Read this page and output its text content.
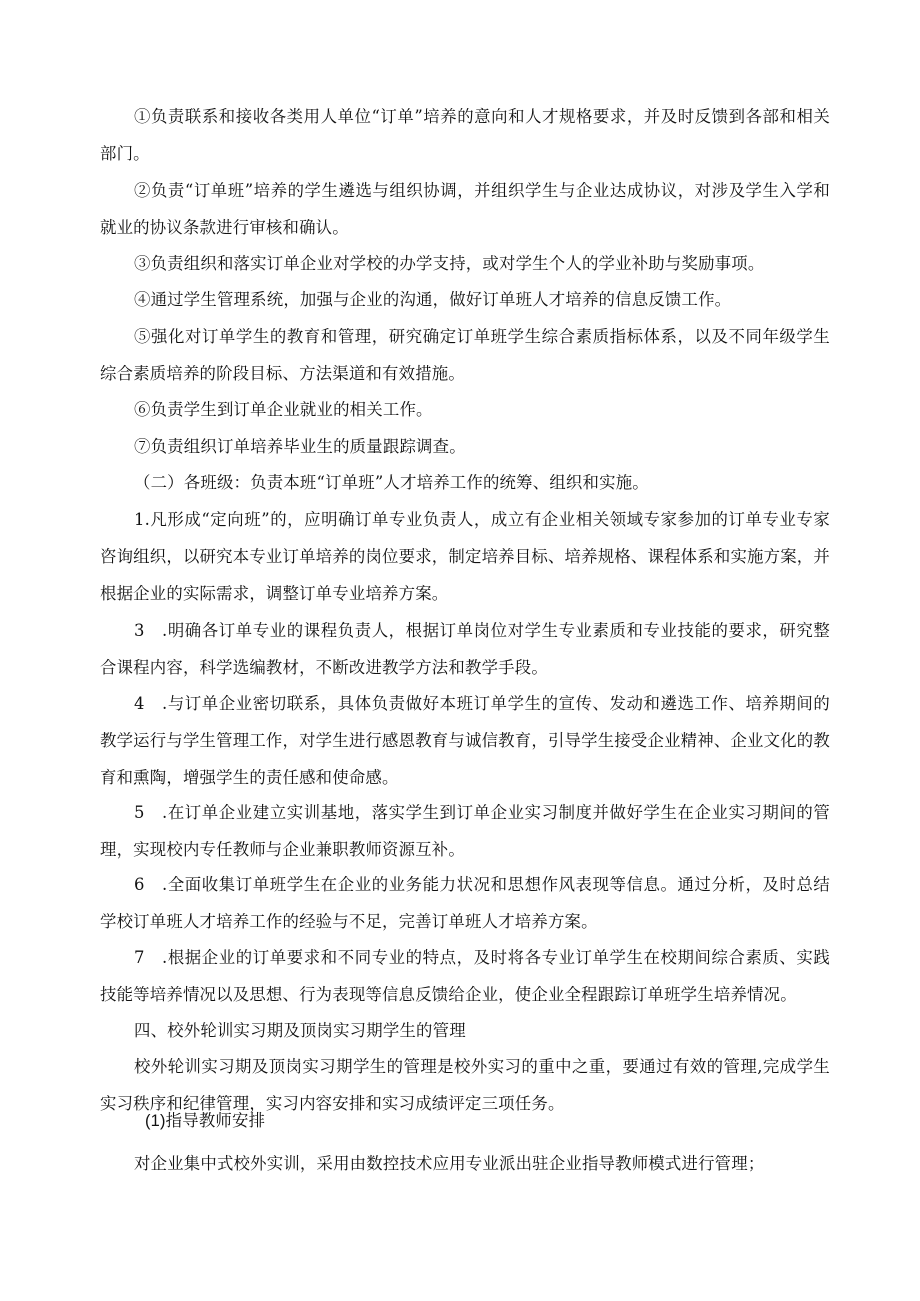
①负责联系和接收各类用人单位“订单”培养的意向和人才规格要求，并及时反馈到各部和相关部门。

②负责“订单班”培养的学生遴选与组织协调，并组织学生与企业达成协议，对涉及学生入学和就业的协议条款进行审核和确认。

③负责组织和落实订单企业对学校的办学支持，或对学生个人的学业补助与奖励事项。

④通过学生管理系统，加强与企业的沟通，做好订单班人才培养的信息反馈工作。

⑤强化对订单学生的教育和管理，研究确定订单班学生综合素质指标体系，以及不同年级学生综合素质培养的阶段目标、方法渠道和有效措施。

⑥负责学生到订单企业就业的相关工作。

⑦负责组织订单培养毕业生的质量跟踪调查。

（二）各班级：负责本班“订单班”人才培养工作的统筹、组织和实施。

1.凡形成“定向班”的，应明确订单专业负责人，成立有企业相关领域专家参加的订单专业专家咨询组织，以研究本专业订单培养的岗位要求，制定培养目标、培养规格、课程体系和实施方案，并根据企业的实际需求，调整订单专业培养方案。

3　.明确各订单专业的课程负责人，根据订单岗位对学生专业素质和专业技能的要求，研究整合课程内容，科学选编教材，不断改进教学方法和教学手段。

4　.与订单企业密切联系，具体负责做好本班订单学生的宣传、发动和遴选工作、培养期间的教学运行与学生管理工作，对学生进行感恩教育与诚信教育，引导学生接受企业精神、企业文化的教育和熏陶，增强学生的责任感和使命感。

5　.在订单企业建立实训基地，落实学生到订单企业实习制度并做好学生在企业实习期间的管理，实现校内专任教师与企业兼职教师资源互补。

6　.全面收集订单班学生在企业的业务能力状况和思想作风表现等信息。通过分析，及时总结学校订单班人才培养工作的经验与不足，完善订单班人才培养方案。

7　.根据企业的订单要求和不同专业的特点，及时将各专业订单学生在校期间综合素质、实践技能等培养情况以及思想、行为表现等信息反馈给企业，使企业全程跟踪订单班学生培养情况。

四、校外轮训实习期及顶岗实习期学生的管理

校外轮训实习期及顶岗实习期学生的管理是校外实习的重中之重，要通过有效的管理,完成学生实习秩序和纪律管理，实习内容安排和实习成绩评定三项任务。

(1)指导教师安排

对企业集中式校外实训，采用由数控技术应用专业派出驻企业指导教师模式进行管理；
